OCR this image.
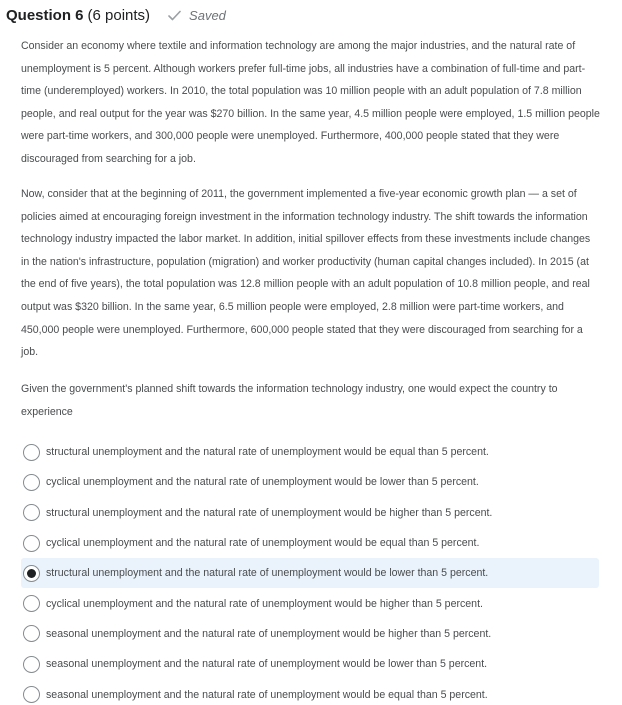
Question 6 (6 points)	Saved

Consider an economy where textile and information technology are among the major industries, and the natural rate of unemployment is 5 percent. Although workers prefer full-time jobs, all industries have a combination of full-time and part-time (underemployed) workers. In 2010, the total population was 10 million people with an adult population of 7.8 million people, and real output for the year was $270 billion. In the same year, 4.5 million people were employed, 1.5 million people were part-time workers, and 300,000 people were unemployed. Furthermore, 400,000 people stated that they were discouraged from searching for a job.

Now, consider that at the beginning of 2011, the government implemented a five-year economic growth plan — a set of policies aimed at encouraging foreign investment in the information technology industry. The shift towards the information technology industry impacted the labor market. In addition, initial spillover effects from these investments include changes in the nation's infrastructure, population (migration) and worker productivity (human capital changes included). In 2015 (at the end of five years), the total population was 12.8 million people with an adult population of 10.8 million people, and real output was $320 billion. In the same year, 6.5 million people were employed, 2.8 million were part-time workers, and 450,000 people were unemployed. Furthermore, 600,000 people stated that they were discouraged from searching for a job.

Given the government's planned shift towards the information technology industry, one would expect the country to experience

structural unemployment and the natural rate of unemployment would be equal than 5 percent.
cyclical unemployment and the natural rate of unemployment would be lower than 5 percent.
structural unemployment and the natural rate of unemployment would be higher than 5 percent.
cyclical unemployment and the natural rate of unemployment would be equal than 5 percent.
structural unemployment and the natural rate of unemployment would be lower than 5 percent.
cyclical unemployment and the natural rate of unemployment would be higher than 5 percent.
seasonal unemployment and the natural rate of unemployment would be higher than 5 percent.
seasonal unemployment and the natural rate of unemployment would be lower than 5 percent.
seasonal unemployment and the natural rate of unemployment would be equal than 5 percent.
